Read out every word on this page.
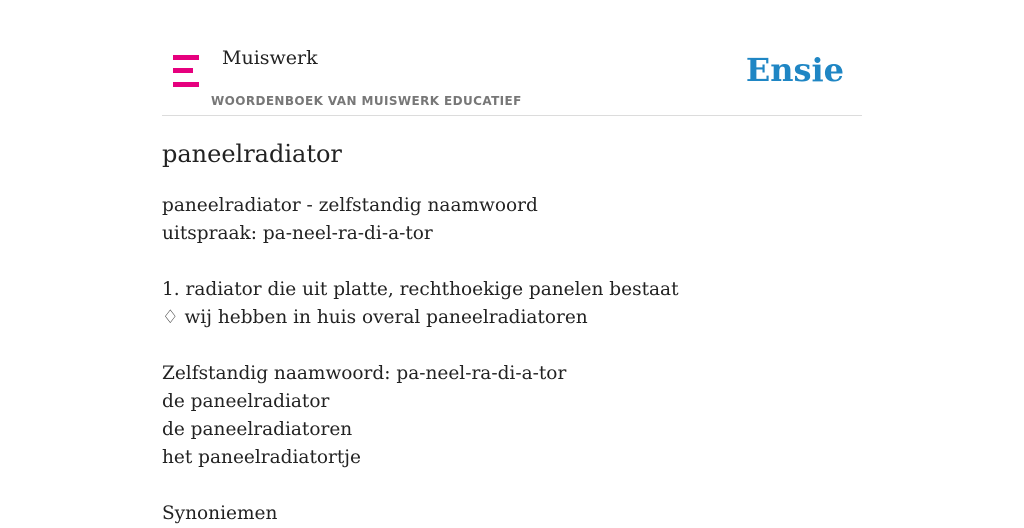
Muiswerk
WOORDENBOEK VAN MUISWERK EDUCATIEF
Ensie
paneelradiator
paneelradiator - zelfstandig naamwoord
uitspraak: pa-neel-ra-di-a-tor
1. radiator die uit platte, rechthoekige panelen bestaat
♢ wij hebben in huis overal paneelradiatoren
Zelfstandig naamwoord: pa-neel-ra-di-a-tor
de paneelradiator
de paneelradiatoren
het paneelradiatortje
Synoniemen
